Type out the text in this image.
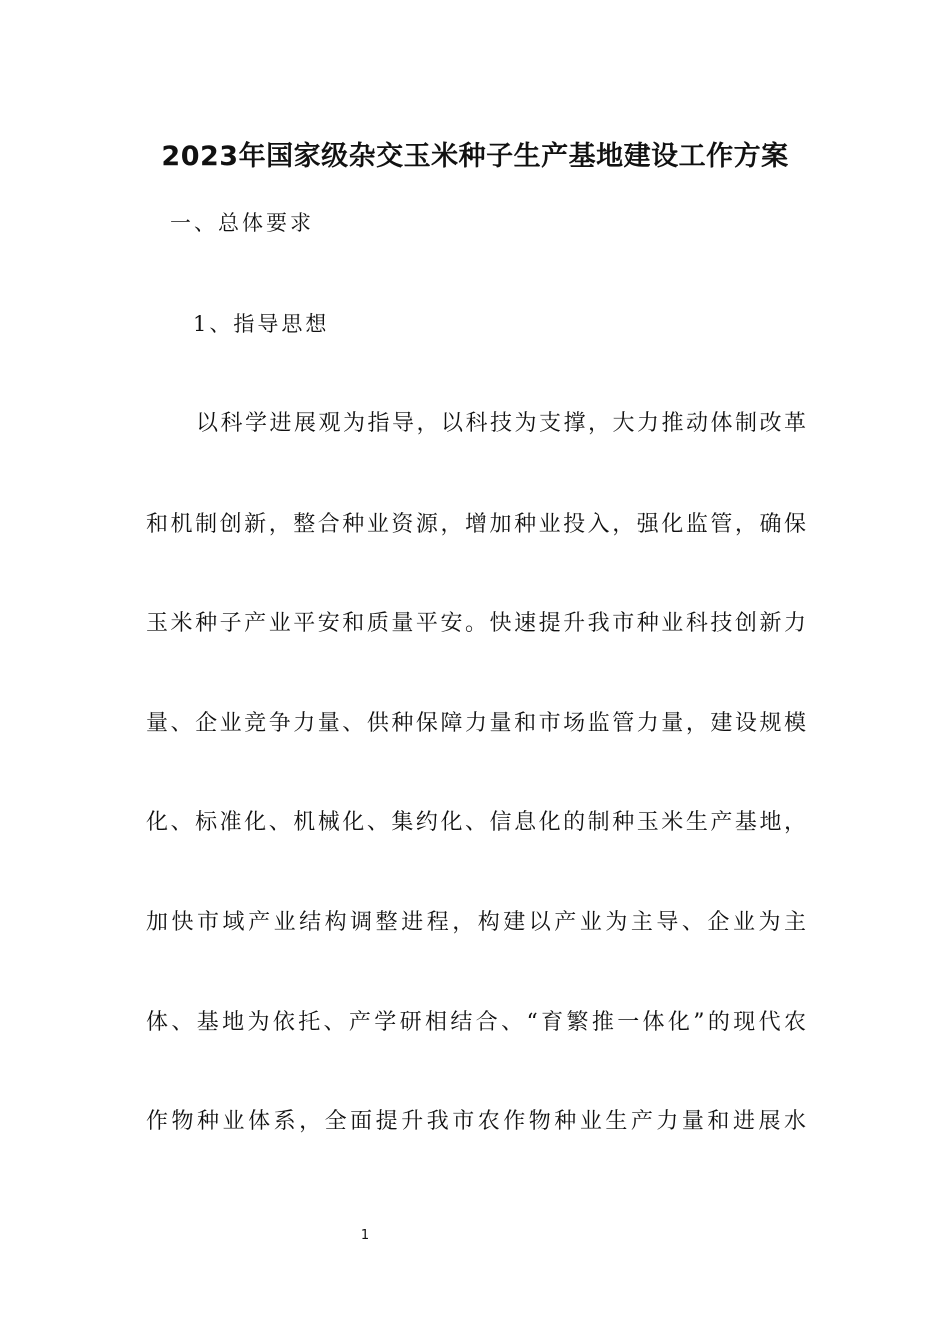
2023年国家级杂交玉米种子生产基地建设工作方案

一、总体要求

1、指导思想

以科学进展观为指导，以科技为支撑，大力推动体制改革

和机制创新，整合种业资源，增加种业投入，强化监管，确保

玉米种子产业平安和质量平安。快速提升我市种业科技创新力

量、企业竞争力量、供种保障力量和市场监管力量，建设规模

化、标准化、机械化、集约化、信息化的制种玉米生产基地，

加快市域产业结构调整进程，构建以产业为主导、企业为主

体、基地为依托、产学研相结合、“育繁推一体化”的现代农

作物种业体系，全面提升我市农作物种业生产力量和进展水

1
